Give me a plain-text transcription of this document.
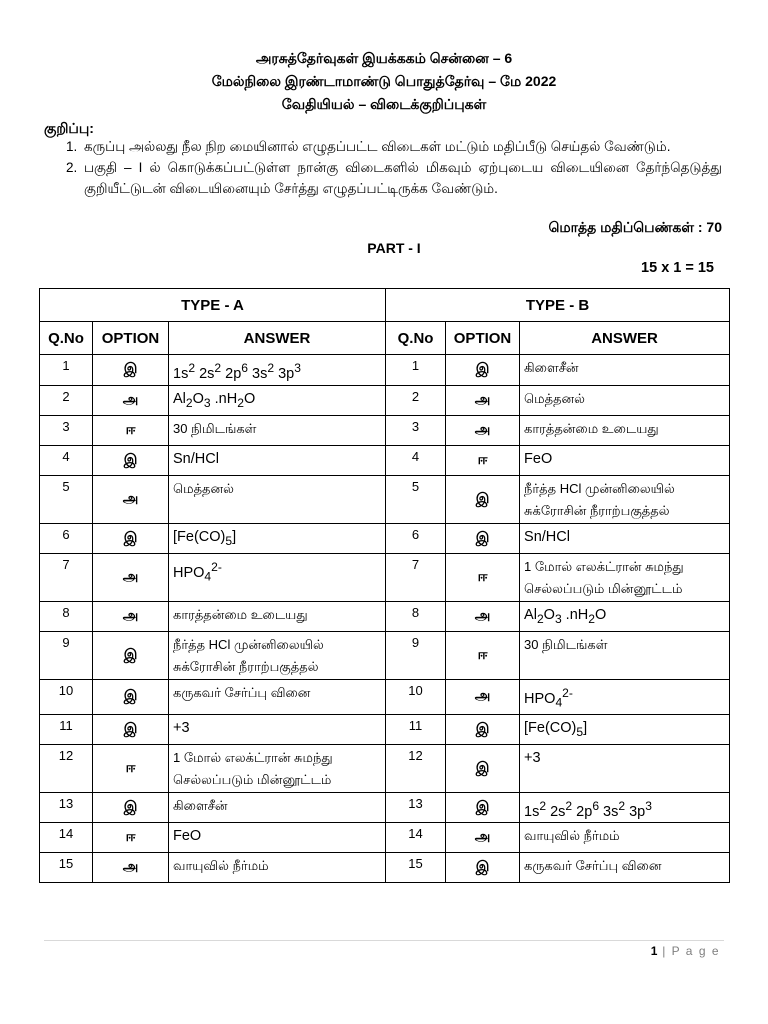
அரசுத்தேர்வுகள் இயக்ககம் சென்னை – 6
மேல்நிலை இரண்டாமாண்டு பொதுத்தேர்வு – மே 2022
வேதியியல் – விடைக்குறிப்புகள்
குறிப்பு:
1. கருப்பு அல்லது நீல நிற மையினால் எழுதப்பட்ட விடைகள் மட்டும் மதிப்பீடு செய்தல் வேண்டும்.
2. பகுதி – I ல் கொடுக்கப்பட்டுள்ள நான்கு விடைகளில் மிகவும் ஏற்புடைய விடையினை தேர்ந்தெடுத்து குறியீட்டுடன் விடையினையும் சேர்த்து எழுதப்பட்டிருக்க வேண்டும்.
மொத்த மதிப்பெண்கள் : 70
PART - I
15 x 1 = 15
TYPE - A			TYPE - B		
Q.No	OPTION	ANSWER	Q.No	OPTION	ANSWER
1	இ	$1s^2$ $2s^2$ $2p^6$ $3s^2$ $3p^3$	1	இ	கிளைசீன்
2	அ	$Al_2O_3$ $.nH_2O$	2	அ	மெத்தனல்
3	ஈ	30 நிமிடங்கள்	3	அ	காரத்தன்மை உடையது
4	இ	Sn/HCl	4	ஈ	FeO
5	அ	மெத்தனல்	5	இ	நீர்த்த HCl முன்னிலையில் சுக்ரோசின் நீராற்பகுத்தல்
6	இ	$[Fe(CO)_5]$	6	இ	Sn/HCl
7	அ	$HPO_4^{2-}$	7	ஈ	1 மோல் எலக்ட்ரான் சுமந்து செல்லப்படும் மின்னூட்டம்
8	அ	காரத்தன்மை உடையது	8	அ	$Al_2O_3$ $.nH_2O$
9	இ	நீர்த்த HCl முன்னிலையில் சுக்ரோசின் நீராற்பகுத்தல்	9	ஈ	30 நிமிடங்கள்
10	இ	கருகவர் சேர்ப்பு வினை	10	அ	$HPO_4^{2-}$
11	இ	+3	11	இ	$[Fe(CO)_5]$
12	ஈ	1 மோல் எலக்ட்ரான் சுமந்து செல்லப்படும் மின்னூட்டம்	12	இ	+3
13	இ	கிளைசீன்	13	இ	$1s^2$ $2s^2$ $2p^6$ $3s^2$ $3p^3$
14	ஈ	FeO	14	அ	வாயுவில் நீர்மம்
15	அ	வாயுவில் நீர்மம்	15	இ	கருகவர் சேர்ப்பு வினை
1 | P a g e
